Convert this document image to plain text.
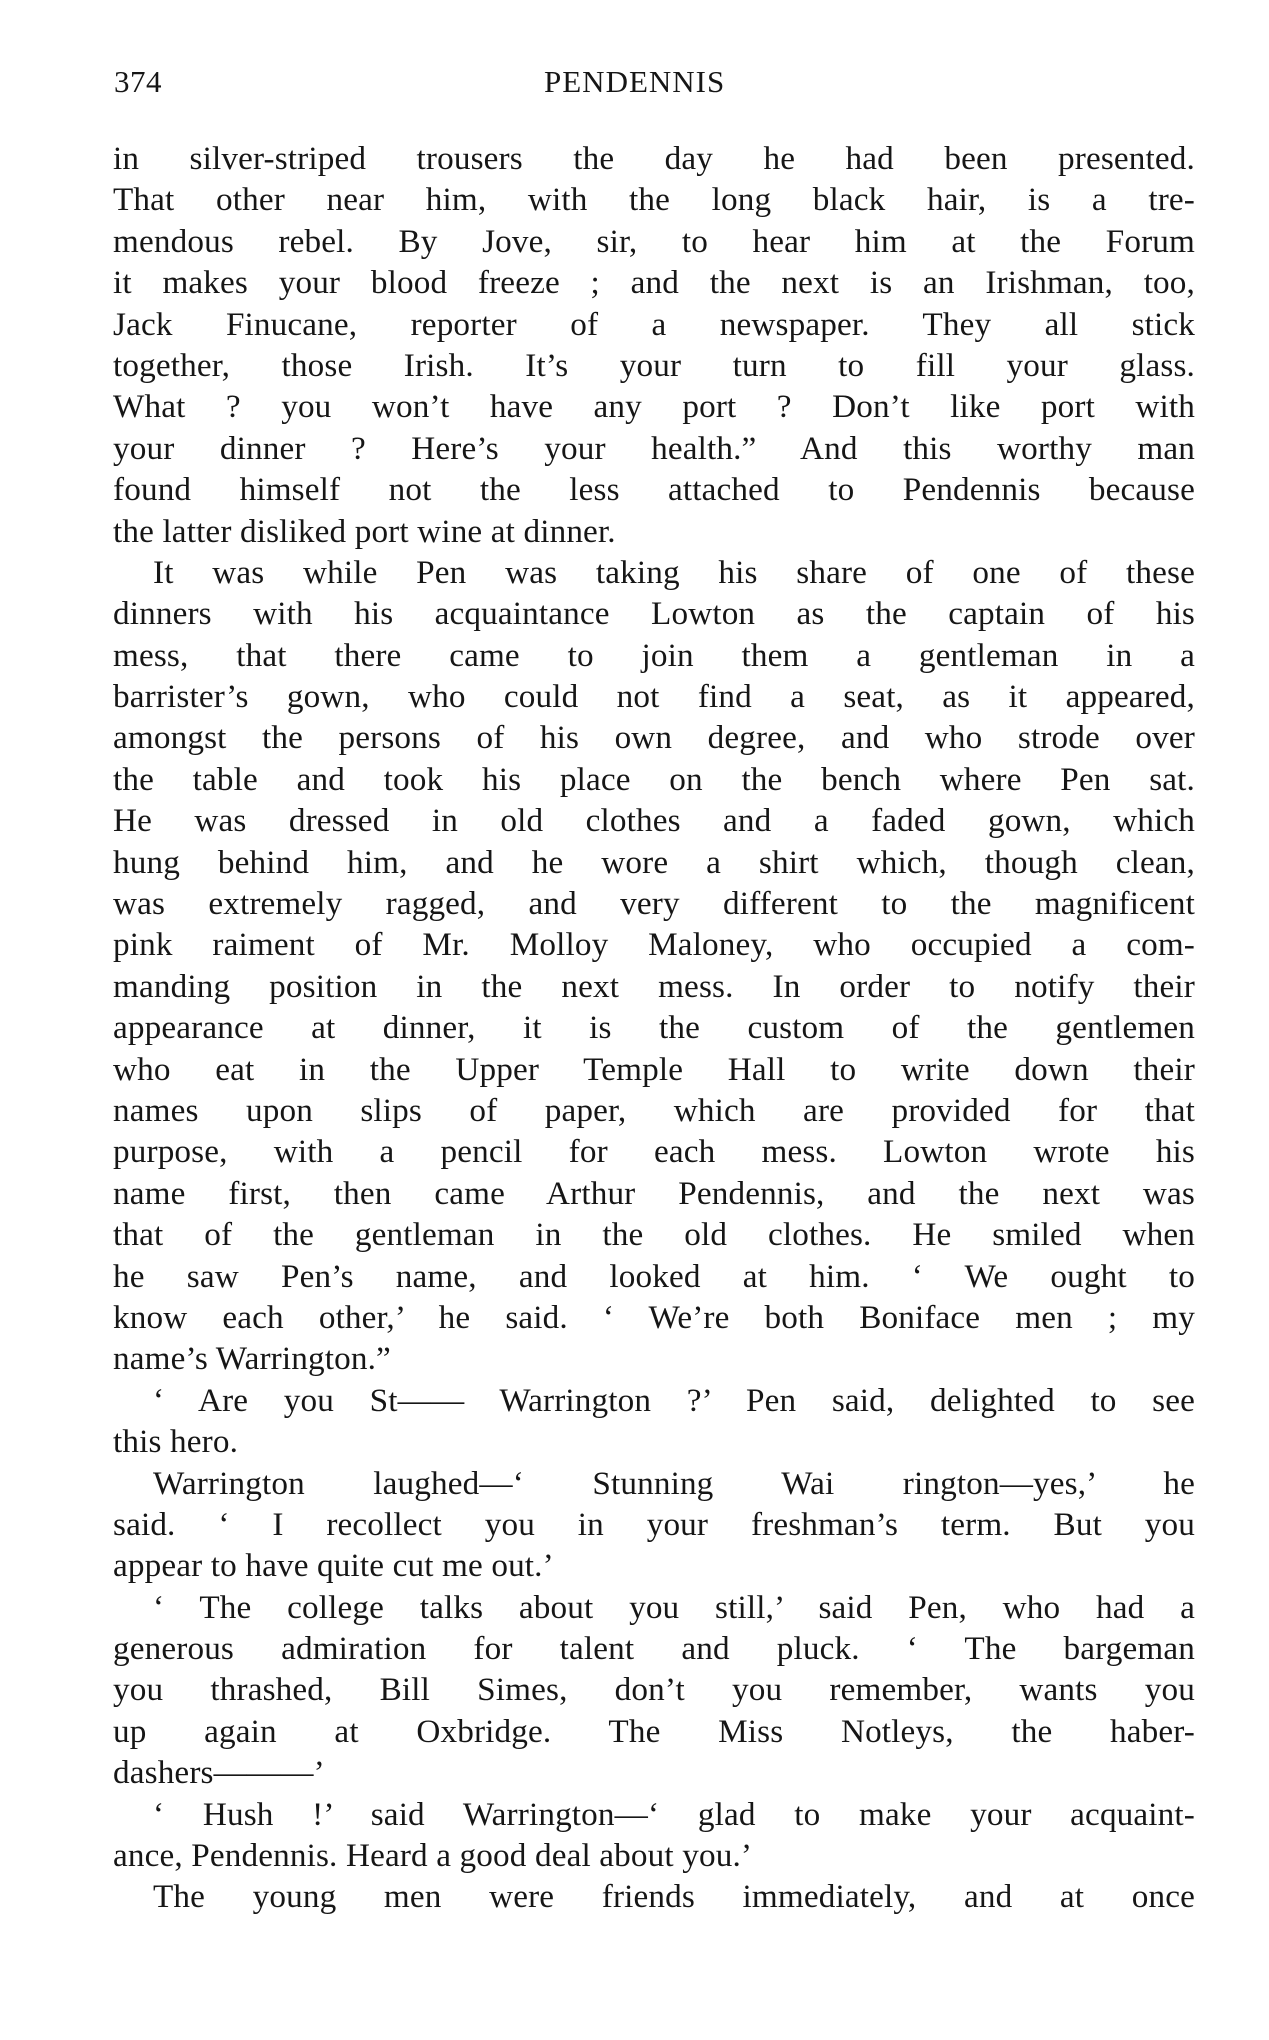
374	PENDENNIS
in silver-striped trousers the day he had been presented.
That other near him, with the long black hair, is a tre-
mendous rebel. By Jove, sir, to hear him at the Forum
it makes your blood freeze ; and the next is an Irishman, too,
Jack Finucane, reporter of a newspaper. They all stick
together, those Irish. It’s your turn to fill your glass.
What ? you won’t have any port ? Don’t like port with
your dinner ? Here’s your health.” And this worthy man
found himself not the less attached to Pendennis because
the latter disliked port wine at dinner.
It was while Pen was taking his share of one of these
dinners with his acquaintance Lowton as the captain of his
mess, that there came to join them a gentleman in a
barrister’s gown, who could not find a seat, as it appeared,
amongst the persons of his own degree, and who strode over
the table and took his place on the bench where Pen sat.
He was dressed in old clothes and a faded gown, which
hung behind him, and he wore a shirt which, though clean,
was extremely ragged, and very different to the magnificent
pink raiment of Mr. Molloy Maloney, who occupied a com-
manding position in the next mess. In order to notify their
appearance at dinner, it is the custom of the gentlemen
who eat in the Upper Temple Hall to write down their
names upon slips of paper, which are provided for that
purpose, with a pencil for each mess. Lowton wrote his
name first, then came Arthur Pendennis, and the next was
that of the gentleman in the old clothes. He smiled when
he saw Pen’s name, and looked at him. ‘ We ought to
know each other,’ he said. ‘ We’re both Boniface men ; my
name’s Warrington.”
‘ Are you St—— Warrington ?’ Pen said, delighted to see
this hero.
Warrington laughed—‘ Stunning Wai rington—yes,’ he
said. ‘ I recollect you in your freshman’s term. But you
appear to have quite cut me out.’
‘ The college talks about you still,’ said Pen, who had a
generous admiration for talent and pluck. ‘ The bargeman
you thrashed, Bill Simes, don’t you remember, wants you
up again at Oxbridge. The Miss Notleys, the haber-
dashers———’
‘ Hush !’ said Warrington—‘ glad to make your acquaint-
ance, Pendennis. Heard a good deal about you.’
The young men were friends immediately, and at once
